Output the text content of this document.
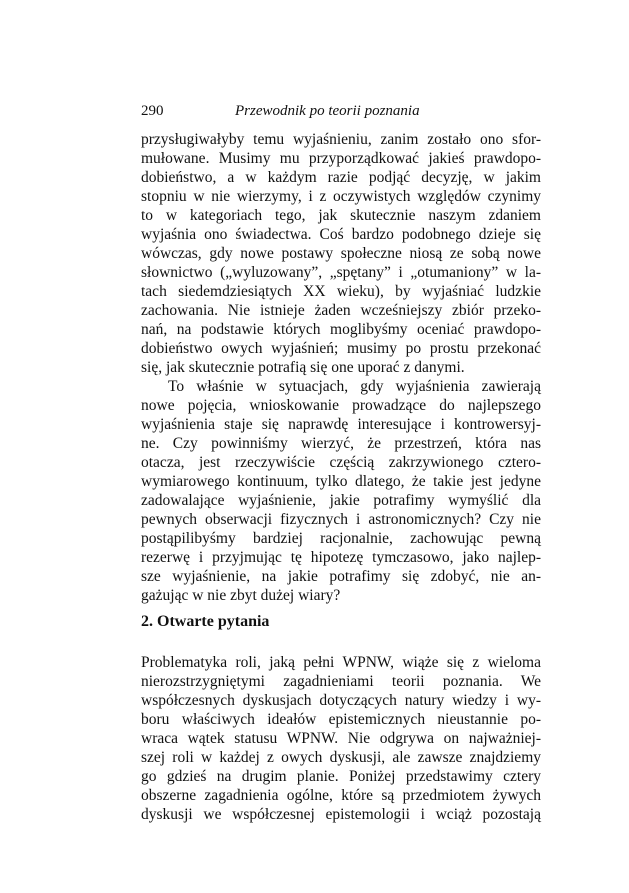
290	Przewodnik po teorii poznania
przysługiwałyby temu wyjaśnieniu, zanim zostało ono sfor-
mułowane. Musimy mu przyporządkować jakieś prawdopo-
dobieństwo, a w każdym razie podjąć decyzję, w jakim
stopniu w nie wierzymy, i z oczywistych względów czynimy
to w kategoriach tego, jak skutecznie naszym zdaniem
wyjaśnia ono świadectwa. Coś bardzo podobnego dzieje się
wówczas, gdy nowe postawy społeczne niosą ze sobą nowe
słownictwo („wyluzowany”, „spętany” i „otumaniony” w la-
tach siedemdziesiątych XX wieku), by wyjaśniać ludzkie
zachowania. Nie istnieje żaden wcześniejszy zbiór przeko-
nań, na podstawie których moglibyśmy oceniać prawdopo-
dobieństwo owych wyjaśnień; musimy po prostu przekonać
się, jak skutecznie potrafią się one uporać z danymi.
To właśnie w sytuacjach, gdy wyjaśnienia zawierają
nowe pojęcia, wnioskowanie prowadzące do najlepszego
wyjaśnienia staje się naprawdę interesujące i kontrowersyj-
ne. Czy powinniśmy wierzyć, że przestrzeń, która nas
otacza, jest rzeczywiście częścią zakrzywionego cztero-
wymiarowego kontinuum, tylko dlatego, że takie jest jedyne
zadowalające wyjaśnienie, jakie potrafimy wymyślić dla
pewnych obserwacji fizycznych i astronomicznych? Czy nie
postąpilibyśmy bardziej racjonalnie, zachowując pewną
rezerwę i przyjmując tę hipotezę tymczasowo, jako najlep-
sze wyjaśnienie, na jakie potrafimy się zdobyć, nie an-
gażując w nie zbyt dużej wiary?
2. Otwarte pytania
Problematyka roli, jaką pełni WPNW, wiąże się z wieloma
nierozstrzygniętymi zagadnieniami teorii poznania. We
współczesnych dyskusjach dotyczących natury wiedzy i wy-
boru właściwych ideałów epistemicznych nieustannie po-
wraca wątek statusu WPNW. Nie odgrywa on najważniej-
szej roli w każdej z owych dyskusji, ale zawsze znajdziemy
go gdzieś na drugim planie. Poniżej przedstawimy cztery
obszerne zagadnienia ogólne, które są przedmiotem żywych
dyskusji we współczesnej epistemologii i wciąż pozostają
